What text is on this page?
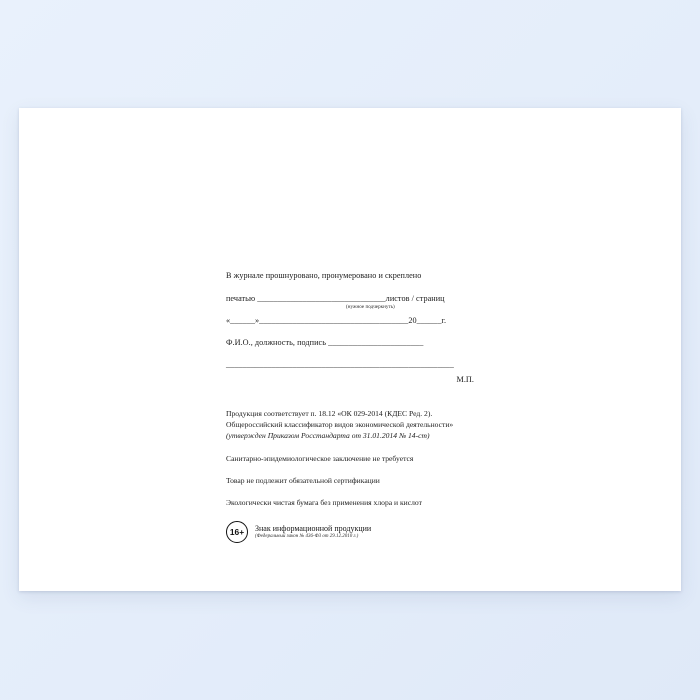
В журнале прошнуровано, пронумеровано и скреплено
печатью _______________________________листов / страниц
(нужное подчеркнуть)
«______»____________________________________20______г.
Ф.И.О., должность, подпись _______________________
_______________________________________________________
М.П.
Продукция соответствует п. 18.12 «ОК 029-2014 (КДЕС Ред. 2).
Общероссийский классификатор видов экономической деятельности»
(утвержден Приказом Росстандарта от 31.01.2014 № 14-ст)
Санитарно-эпидемиологическое заключение не требуется
Товар не подлежит обязательной сертификации
Экологически чистая бумага без применения хлора и кислот
16+	Знак информационной продукции
(Федеральный закон № 436-Ф3 от 29.12.2010 г.)
